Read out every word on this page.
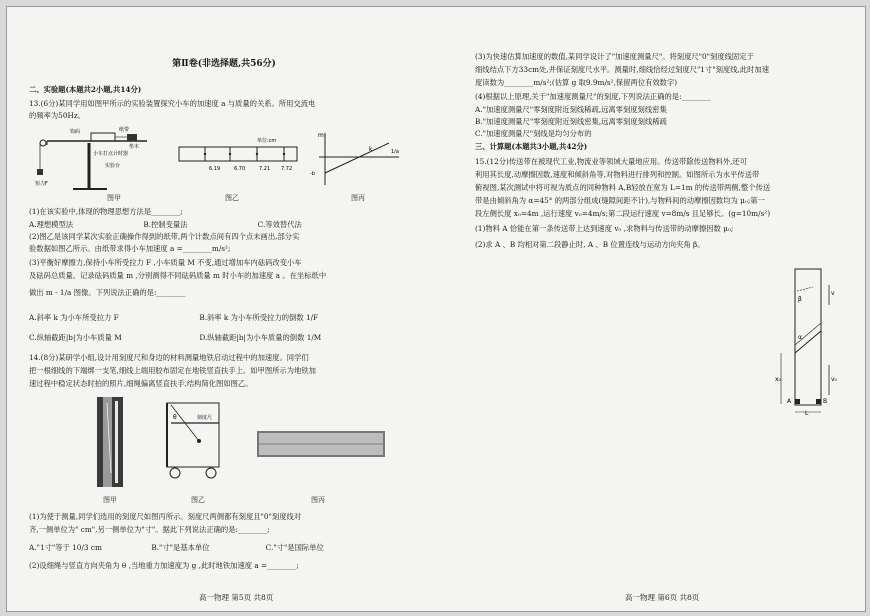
第Ⅱ卷(非选择题,共56分)

二、实验题(本题共2小题,共14分)

13.(6分)某同学用如图甲所示的实验装置探究小车的加速度 a 与质量的关系。所用交流电

的频率为50Hz。

钩码	纸带
垫木
小车打点计时器
实验台
恒力F
单位:cm
6.19	6.70	7.21 7.72
m
k	1/a
-b
图甲	图乙	图丙

(1)在该实验中,体现的物理思想方法是________;

A.理想模型法	B.控制变量法	C.等效替代法

(2)图乙是该同学某次实验正确操作得到的纸带,两个计数点间有四个点未画出,部分实

验数据如图乙所示。由纸带求得小车加速度 a =________m/s²;

(3)平衡好摩擦力,保持小车所受拉力 F ,小车质量 M 不变,通过增加车内砝码改变小车

及砝码总质量。记录砝码质量 m ,分别测得不同砝码质量 m 时小车的加速度 a 。在坐标纸中

做出 m - 1/a 图像。下列说法正确的是:________

A.斜率 k 为小车所受拉力 F	B.斜率 k 为小车所受拉力的倒数 1/F

C.纵轴截距|b|为小车质量 M	D.纵轴截距|b|为小车质量的倒数 1/M

14.(8分)某研学小组,设计用刻度尺和身边的材料测量地铁启动过程中的加速度。同学们

把一根细线的下端绑一支笔,细线上端用胶布固定在地铁竖直扶手上。如甲图所示为地铁加

速过程中稳定状态时拍的照片,细绳偏离竖直扶手,结构简化图如图乙。

θ	刻度尺
图甲	图乙	图丙

(1)为使于测量,同学们选用的刻度尺如图丙所示。刻度尺两侧都有刻度且"0"刻度线对

齐,一侧单位为" cm",另一侧单位为"寸"。据此下列说法正确的是:________;

A."1寸"等于 10/3 cm	B."寸"是基本单位	C."寸"是国际单位

(2)设细绳与竖直方向夹角为 θ ,当地重力加速度为 g ,此时地铁加速度 a =________;

高一物理 第5页 共8页

(3)为快速估算加速度的数值,某同学设计了"加速度测量尺"。将刻度尺"0"刻度线固定于

细线结点下方33cm处,并保证刻度尺水平。测量时,细线恰经过刻度尺"1寸"刻度线,此时加速

度读数为________m/s²;(估算 g 取9.9m/s²,保留两位有效数字)

(4)根据以上原理,关于"加速度测量尺"的刻度,下列说法正确的是:________

A."加速度测量尺"零刻度附近刻线稀疏,远离零刻度刻线密集

B."加速度测量尺"零刻度附近刻线密集,远离零刻度刻线稀疏

C."加速度测量尺"刻线是均匀分布的

三、计算题(本题共3小题,共42分)

15.(12分)传送带在被现代工业,物流业等领域大量地应用。传送带除传送物料外,还可

利用其长度,动摩擦因数,速度和倾斜角等,对物料进行排列和控制。如图所示为水平传送带

俯视图,某次测试中将可视为质点的同种物料 A,B轻放在宽为 L=1m 的传送带两侧,整个传送

带是由倾斜角为 α=45° 的两部分组成(缝隙间距不计),与物料间的动摩擦因数均为 μ₀;第一

段左侧长度 x₀=4m ,运行速度 v₀=4m/s;第二段运行速度 v=8m/s 且足够长。(g=10m/s²)

(1)物料 A 恰能在第一条传送带上达到速度 v₀ ,求物料与传送带的动摩擦因数 μ₀;

(2)求 A 、B 均相对第二段静止时, A 、B 位置连线与运动方向夹角 β。

β
v
α
x₀	v₀
A	B
L
高一物理 第6页 共8页
